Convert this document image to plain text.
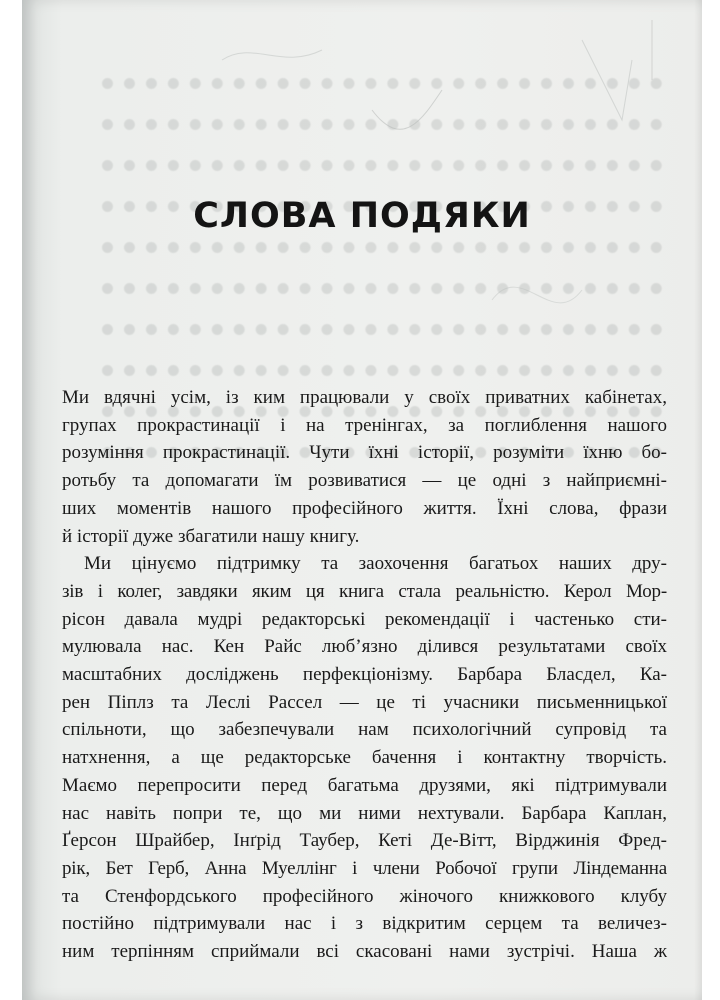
СЛОВА ПОДЯКИ
Ми вдячні усім, із ким працювали у своїх приватних кабінетах,
групах прокрастинації і на тренінгах, за поглиблення нашого
розуміння прокрастинації. Чути їхні історії, розуміти їхню бо-
ротьбу та допомагати їм розвиватися — це одні з найприємні-
ших моментів нашого професійного життя. Їхні слова, фрази
й історії дуже збагатили нашу книгу.
Ми цінуємо підтримку та заохочення багатьох наших дру-
зів і колег, завдяки яким ця книга стала реальністю. Керол Мор-
рісон давала мудрі редакторські рекомендації і частенько сти-
мулювала нас. Кен Райс люб’язно ділився результатами своїх
масштабних досліджень перфекціонізму. Барбара Бласдел, Ка-
рен Піплз та Леслі Рассел — це ті учасники письменницької
спільноти, що забезпечували нам психологічний супровід та
натхнення, а ще редакторське бачення і контактну творчість.
Маємо перепросити перед багатьма друзями, які підтримували
нас навіть попри те, що ми ними нехтували. Барбара Каплан,
Ґерсон Шрайбер, Інґрід Таубер, Кеті Де-Вітт, Вірджинія Фред-
рік, Бет Герб, Анна Муеллінг і члени Робочої групи Ліндеманна
та Стенфордського професійного жіночого книжкового клубу
постійно підтримували нас і з відкритим серцем та величез-
ним терпінням сприймали всі скасовані нами зустрічі. Наша ж
